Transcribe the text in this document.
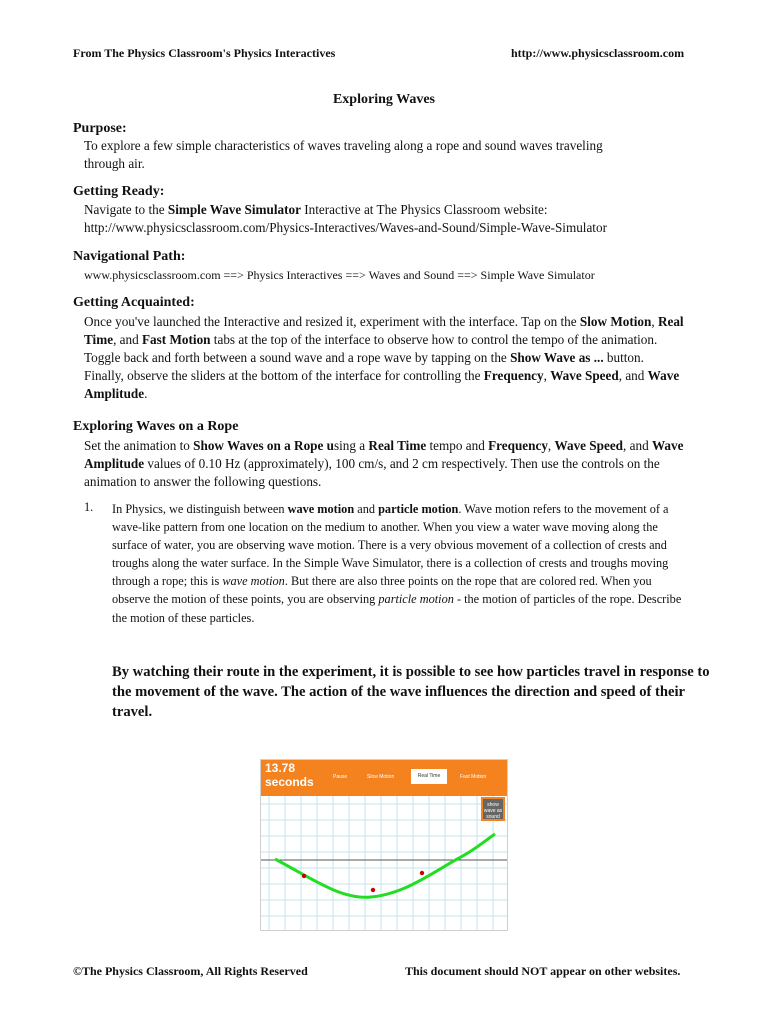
From The Physics Classroom's Physics Interactives	http://www.physicsclassroom.com
Exploring Waves
Purpose:
To explore a few simple characteristics of waves traveling along a rope and sound waves traveling
through air.
Getting Ready:
Navigate to the Simple Wave Simulator Interactive at The Physics Classroom website:
http://www.physicsclassroom.com/Physics-Interactives/Waves-and-Sound/Simple-Wave-Simulator
Navigational Path:
www.physicsclassroom.com ==> Physics Interactives ==> Waves and Sound ==> Simple Wave Simulator
Getting Acquainted:
Once you've launched the Interactive and resized it, experiment with the interface. Tap on the Slow Motion, Real Time, and Fast Motion tabs at the top of the interface to observe how to control the tempo of the animation. Toggle back and forth between a sound wave and a rope wave by tapping on the Show Wave as ... button. Finally, observe the sliders at the bottom of the interface for controlling the Frequency, Wave Speed, and Wave Amplitude.
Exploring Waves on a Rope
Set the animation to Show Waves on a Rope using a Real Time tempo and Frequency, Wave Speed, and Wave Amplitude values of 0.10 Hz (approximately), 100 cm/s, and 2 cm respectively. Then use the controls on the animation to answer the following questions.
1. In Physics, we distinguish between wave motion and particle motion. Wave motion refers to the movement of a wave-like pattern from one location on the medium to another. When you view a water wave moving along the surface of water, you are observing wave motion. There is a very obvious movement of a collection of crests and troughs along the water surface. In the Simple Wave Simulator, there is a collection of crests and troughs moving through a rope; this is wave motion. But there are also three points on the rope that are colored red. When you observe the motion of these points, you are observing particle motion - the motion of particles of the rope. Describe the motion of these particles.
By watching their route in the experiment, it is possible to see how particles travel in response to the movement of the wave. The action of the wave influences the direction and speed of their travel.
13.78
seconds	Pause	Slow Motion	Real Time	Fast Motion
show
wave as
sound
©The Physics Classroom, All Rights Reserved	This document should NOT appear on other websites.
